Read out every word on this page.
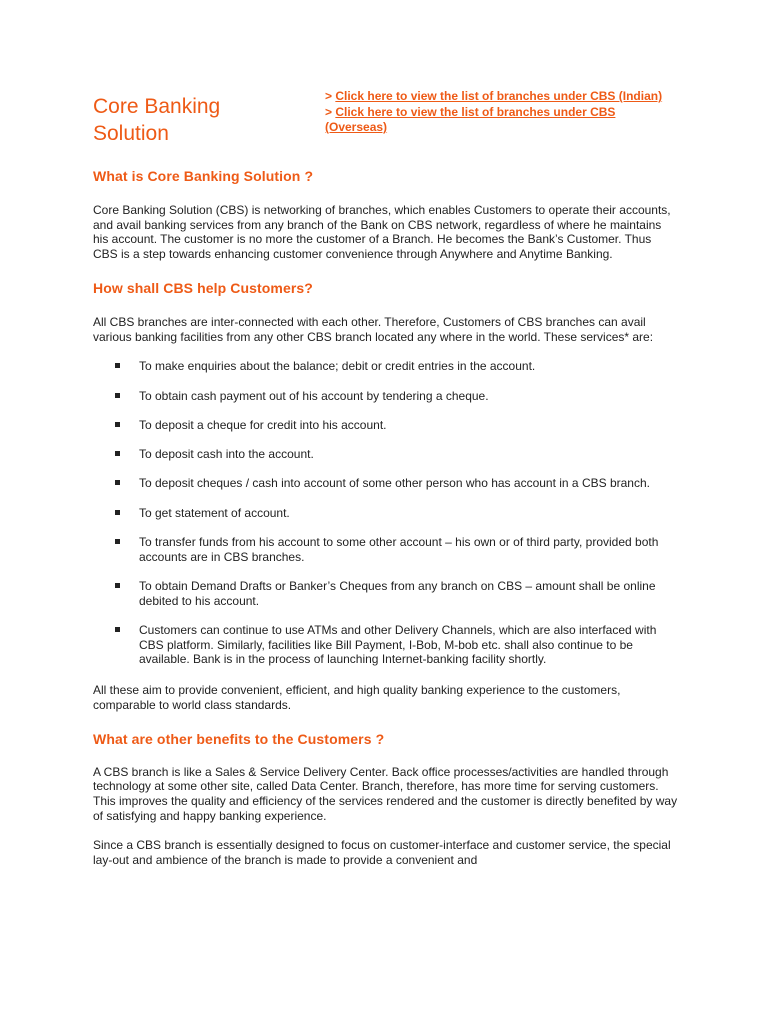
Core Banking Solution
> Click here to view the list of branches under CBS (Indian)
> Click here to view the list of branches under CBS (Overseas)
What is Core Banking Solution ?

Core Banking Solution (CBS) is networking of branches, which enables Customers to operate their accounts, and avail banking services from any branch of the Bank on CBS network, regardless of where he maintains his account. The customer is no more the customer of a Branch. He becomes the Bank’s Customer. Thus CBS is a step towards enhancing customer convenience through Anywhere and Anytime Banking.

How shall CBS help Customers?

All CBS branches are inter-connected with each other. Therefore, Customers of CBS branches can avail various banking facilities from any other CBS branch located any where in the world. These services* are:

To make enquiries about the balance; debit or credit entries in the account.
To obtain cash payment out of his account by tendering a cheque.
To deposit a cheque for credit into his account.
To deposit cash into the account.
To deposit cheques / cash into account of some other person who has account in a CBS branch.
To get statement of account.
To transfer funds from his account to some other account – his own or of third party, provided both accounts are in CBS branches.
To obtain Demand Drafts or Banker’s Cheques from any branch on CBS – amount shall be online debited to his account.
Customers can continue to use ATMs and other Delivery Channels, which are also interfaced with CBS platform. Similarly, facilities like Bill Payment, I-Bob, M-bob etc. shall also continue to be available. Bank is in the process of launching Internet-banking facility shortly.

All these aim to provide convenient, efficient, and high quality banking experience to the customers, comparable to world class standards.

What are other benefits to the Customers ?

A CBS branch is like a Sales & Service Delivery Center. Back office processes/activities are handled through technology at some other site, called Data Center. Branch, therefore, has more time for serving customers. This improves the quality and efficiency of the services rendered and the customer is directly benefited by way of satisfying and happy banking experience.

Since a CBS branch is essentially designed to focus on customer-interface and customer service, the special lay-out and ambience of the branch is made to provide a convenient and
